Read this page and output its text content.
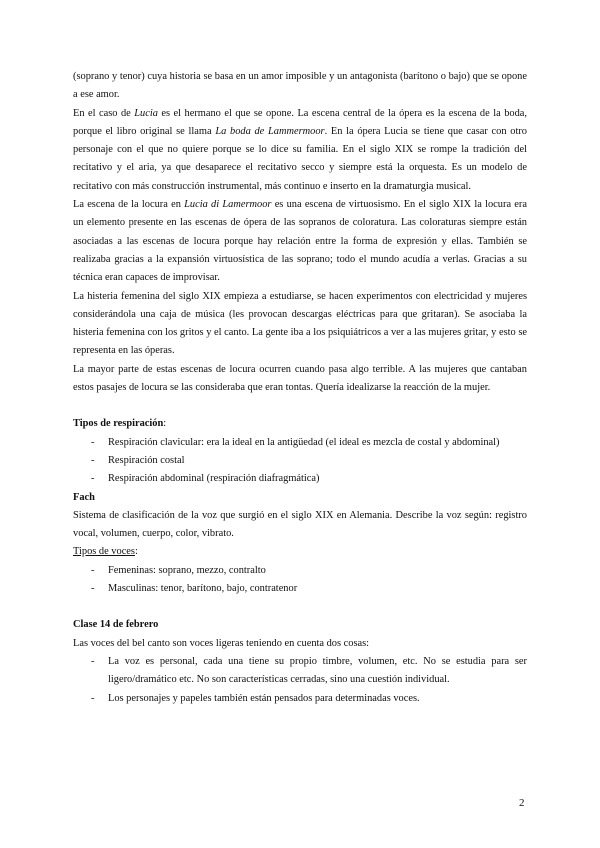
(soprano y tenor) cuya historia se basa en un amor imposible y un antagonista (barítono o bajo) que se opone a ese amor.

En el caso de Lucia es el hermano el que se opone. La escena central de la ópera es la escena de la boda, porque el libro original se llama La boda de Lammermoor. En la ópera Lucia se tiene que casar con otro personaje con el que no quiere porque se lo dice su familia. En el siglo XIX se rompe la tradición del recitativo y el aria, ya que desaparece el recitativo secco y siempre está la orquesta. Es un modelo de recitativo con más construcción instrumental, más continuo e inserto en la dramaturgia musical.

La escena de la locura en Lucia di Lamermoor es una escena de virtuosismo. En el siglo XIX la locura era un elemento presente en las escenas de ópera de las sopranos de coloratura. Las coloraturas siempre están asociadas a las escenas de locura porque hay relación entre la forma de expresión y ellas. También se realizaba gracias a la expansión virtuosística de las soprano; todo el mundo acudía a verlas. Gracias a su técnica eran capaces de improvisar.

La histeria femenina del siglo XIX empieza a estudiarse, se hacen experimentos con electricidad y mujeres considerándola una caja de música (les provocan descargas eléctricas para que gritaran). Se asociaba la histeria femenina con los gritos y el canto. La gente iba a los psiquiátricos a ver a las mujeres gritar, y esto se representa en las óperas.

La mayor parte de estas escenas de locura ocurren cuando pasa algo terrible. A las mujeres que cantaban estos pasajes de locura se las consideraba que eran tontas. Quería idealizarse la reacción de la mujer.

Tipos de respiración:

- Respiración clavicular: era la ideal en la antigüedad (el ideal es mezcla de costal y abdominal)
- Respiración costal
- Respiración abdominal (respiración diafragmática)

Fach

Sistema de clasificación de la voz que surgió en el siglo XIX en Alemania. Describe la voz según: registro vocal, volumen, cuerpo, color, vibrato.

Tipos de voces:

- Femeninas: soprano, mezzo, contralto
- Masculinas: tenor, barítono, bajo, contratenor

Clase 14 de febrero

Las voces del bel canto son voces ligeras teniendo en cuenta dos cosas:

- La voz es personal, cada una tiene su propio timbre, volumen, etc. No se estudia para ser ligero/dramático etc. No son características cerradas, sino una cuestión individual.
- Los personajes y papeles también están pensados para determinadas voces.
2
